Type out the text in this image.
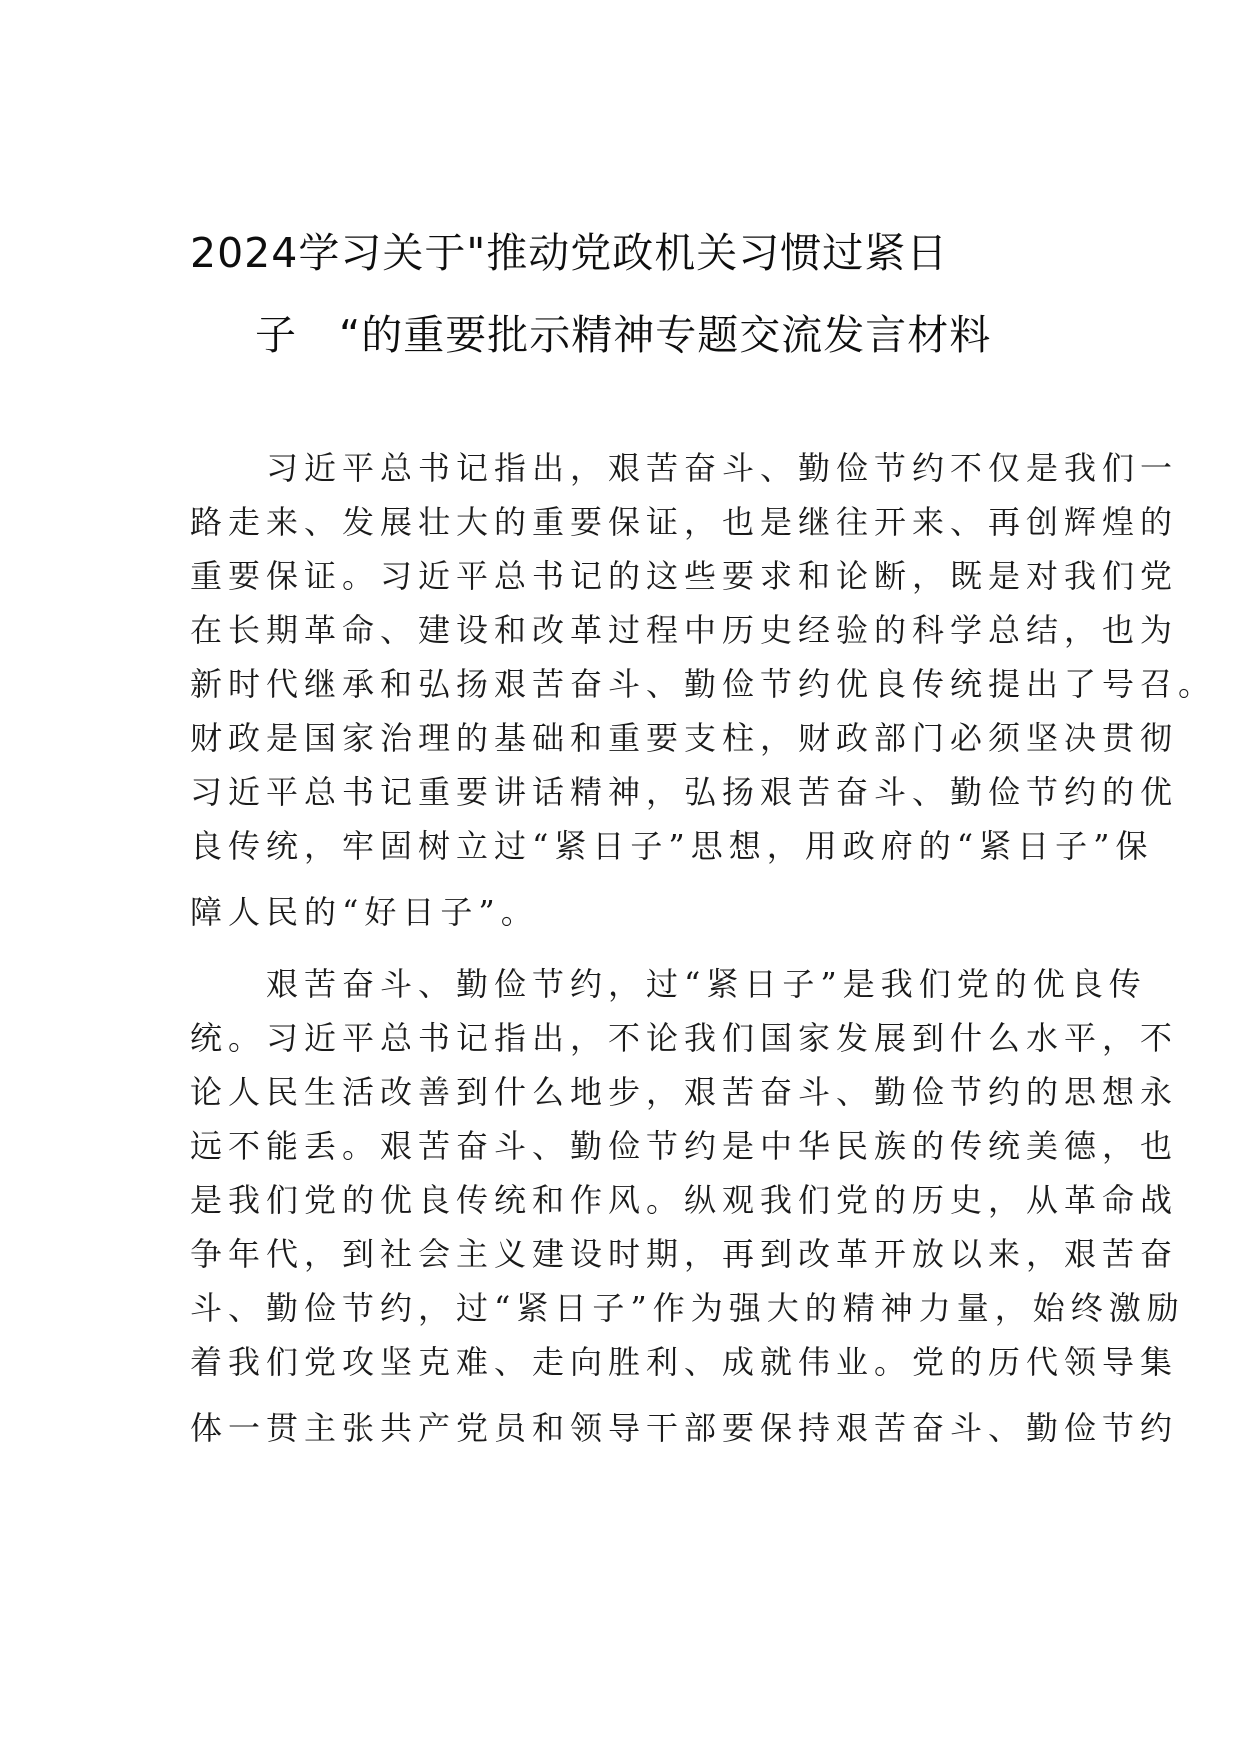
2024学习关于"推动党政机关习惯过紧日
子　“的重要批示精神专题交流发言材料
　　习近平总书记指出，艰苦奋斗、勤俭节约不仅是我们一
路走来、发展壮大的重要保证，也是继往开来、再创辉煌的
重要保证。习近平总书记的这些要求和论断，既是对我们党
在长期革命、建设和改革过程中历史经验的科学总结，也为
新时代继承和弘扬艰苦奋斗、勤俭节约优良传统提出了号召。
财政是国家治理的基础和重要支柱，财政部门必须坚决贯彻
习近平总书记重要讲话精神，弘扬艰苦奋斗、勤俭节约的优
良传统，牢固树立过“紧日子”思想，用政府的“紧日子”保
障人民的“好日子”。
　　艰苦奋斗、勤俭节约，过“紧日子”是我们党的优良传
统。习近平总书记指出，不论我们国家发展到什么水平，不
论人民生活改善到什么地步，艰苦奋斗、勤俭节约的思想永
远不能丢。艰苦奋斗、勤俭节约是中华民族的传统美德，也
是我们党的优良传统和作风。纵观我们党的历史，从革命战
争年代，到社会主义建设时期，再到改革开放以来，艰苦奋
斗、勤俭节约，过“紧日子”作为强大的精神力量，始终激励
着我们党攻坚克难、走向胜利、成就伟业。党的历代领导集
体一贯主张共产党员和领导干部要保持艰苦奋斗、勤俭节约
